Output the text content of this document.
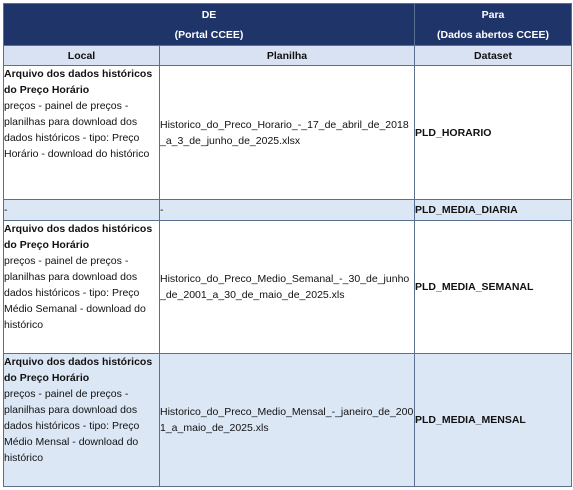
DE		Para
(Portal CCEE)		(Dados abertos CCEE)
Local	Planilha	Dataset

Arquivo dos dados históricos do Preço Horário
preços - painel de preços - planilhas para download dos dados históricos - tipo: Preço Horário - download do histórico	Historico_do_Preco_Horario_-_17_de_abril_de_2018_a_3_de_junho_de_2025.xlsx	PLD_HORARIO
-	-	PLD_MEDIA_DIARIA

Arquivo dos dados históricos do Preço Horário
preços - painel de preços - planilhas para download dos dados históricos - tipo: Preço Médio Semanal - download do histórico	Historico_do_Preco_Medio_Semanal_-_30_de_junho_de_2001_a_30_de_maio_de_2025.xls	PLD_MEDIA_SEMANAL

Arquivo dos dados históricos do Preço Horário
preços - painel de preços - planilhas para download dos dados históricos - tipo: Preço Médio Mensal - download do histórico	Historico_do_Preco_Medio_Mensal_-_janeiro_de_2001_a_maio_de_2025.xls	PLD_MEDIA_MENSAL
